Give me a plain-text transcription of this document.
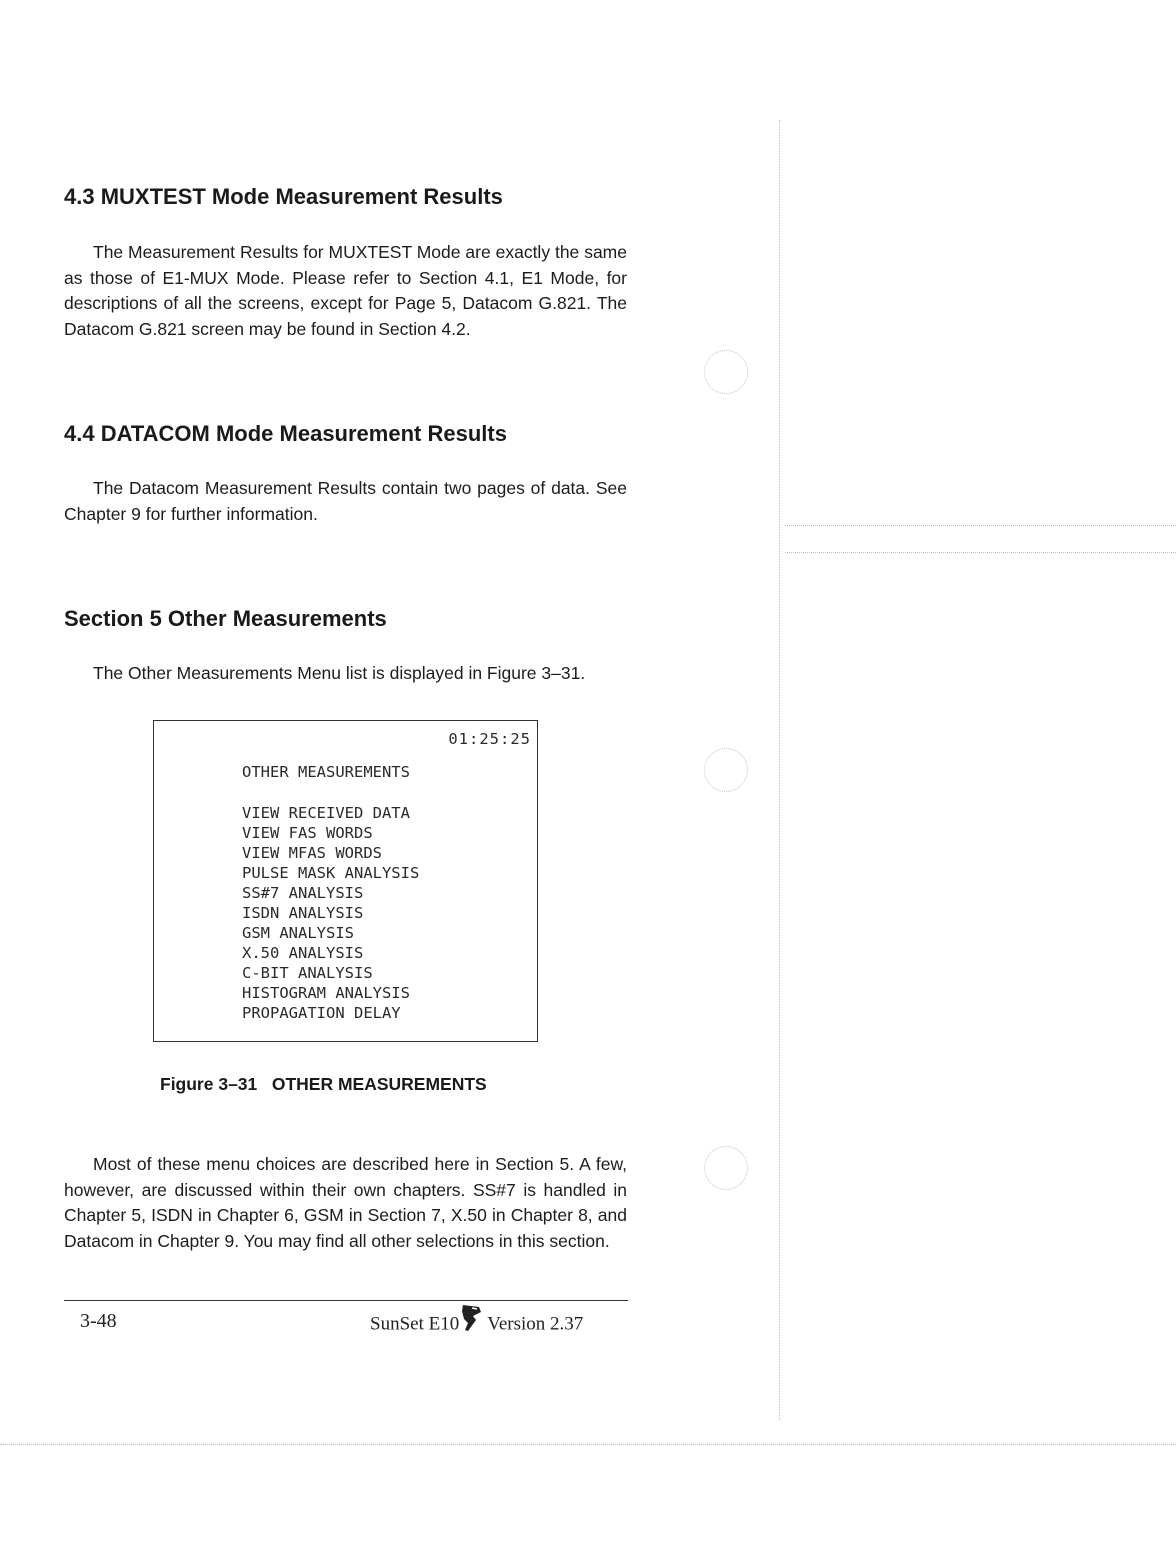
4.3 MUXTEST Mode Measurement Results

The Measurement Results for MUXTEST Mode are exactly the same as those of E1-MUX Mode. Please refer to Section 4.1, E1 Mode, for descriptions of all the screens, except for Page 5, Datacom G.821. The Datacom G.821 screen may be found in Section 4.2.

4.4 DATACOM Mode Measurement Results

The Datacom Measurement Results contain two pages of data. See Chapter 9 for further information.

Section 5 Other Measurements

The Other Measurements Menu list is displayed in Figure 3–31.

01:25:25
OTHER MEASUREMENTS
VIEW RECEIVED DATA
VIEW FAS WORDS
VIEW MFAS WORDS
PULSE MASK ANALYSIS
SS#7 ANALYSIS
ISDN ANALYSIS
GSM ANALYSIS
X.50 ANALYSIS
C-BIT ANALYSIS
HISTOGRAM ANALYSIS
PROPAGATION DELAY
Figure 3–31   OTHER MEASUREMENTS

Most of these menu choices are described here in Section 5. A few, however, are discussed within their own chapters. SS#7 is handled in Chapter 5, ISDN in Chapter 6, GSM in Section 7, X.50 in Chapter 8, and Datacom in Chapter 9. You may find all other selections in this section.

3-48	SunSet E10 Version 2.37
